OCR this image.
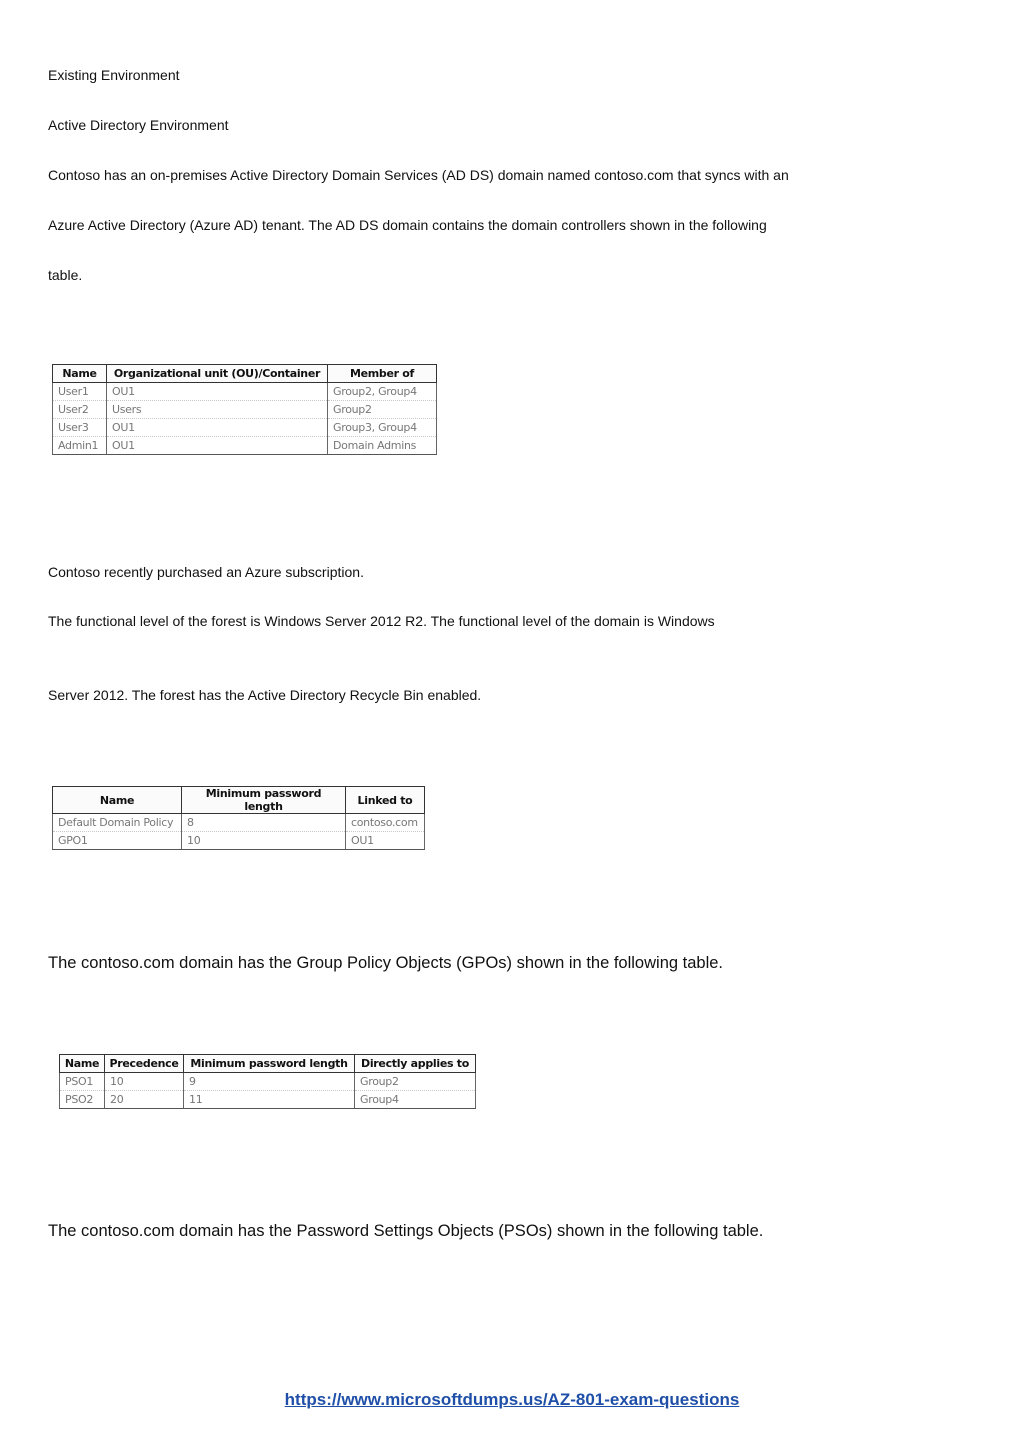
Existing Environment

Active Directory Environment

Contoso has an on-premises Active Directory Domain Services (AD DS) domain named contoso.com that syncs with an

Azure Active Directory (Azure AD) tenant. The AD DS domain contains the domain controllers shown in the following

table.

Name	Organizational unit (OU)/Container	Member of
User1	OU1	Group2, Group4
User2	Users	Group2
User3	OU1	Group3, Group4
Admin1	OU1	Domain Admins

Contoso recently purchased an Azure subscription.

The functional level of the forest is Windows Server 2012 R2. The functional level of the domain is Windows

Server 2012. The forest has the Active Directory Recycle Bin enabled.

Name	Minimum password length	Linked to
Default Domain Policy	8	contoso.com
GPO1	10	OU1

The contoso.com domain has the Group Policy Objects (GPOs) shown in the following table.

Name	Precedence	Minimum password length	Directly applies to
PSO1	10	9	Group2
PSO2	20	11	Group4

The contoso.com domain has the Password Settings Objects (PSOs) shown in the following table.

https://www.microsoftdumps.us/AZ-801-exam-questions
